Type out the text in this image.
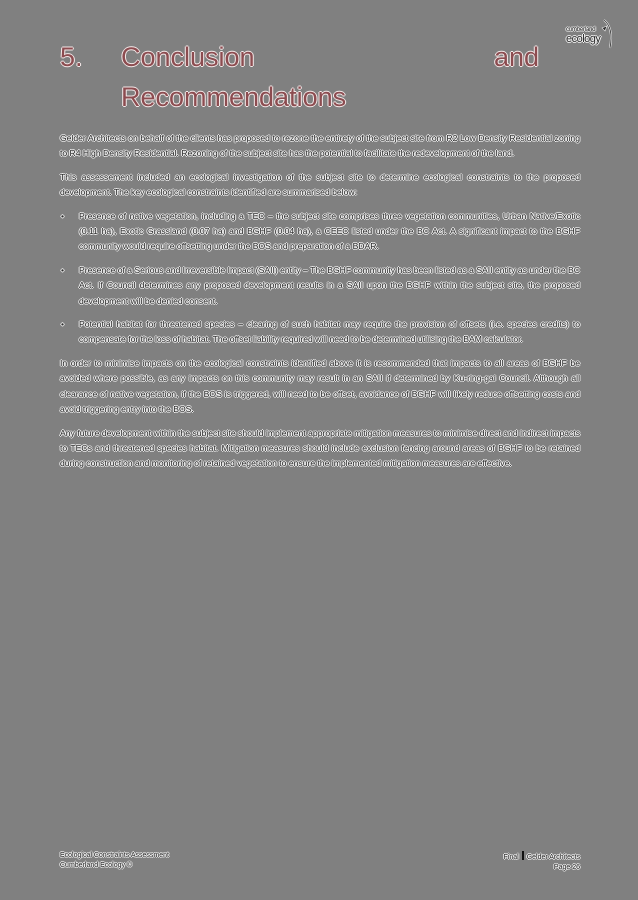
cumberland
ecology
5. Conclusion	and
Recommendations

Gelder Architects on behalf of the clients has proposed to rezone the entirety of the subject site from R2 Low Density Residential zoning to R4 High Density Residential. Rezoning of the subject site has the potential to facilitate the redevelopment of the land.

This assessement included an ecological investigation of the subject site to determine ecological constraints to the proposed development. The key ecological constraints identified are summarised below:

• Presence of native vegetation, including a TEC – the subject site comprises three vegetation communities, Urban Native/Exotic (0.11 ha), Exotic Grassland (0.07 ha) and BGHF (0.04 ha), a CEEC listed under the BC Act. A significant impact to the BGHF community would require offsetting under the BOS and preparation of a BDAR.
• Presence of a Serious and Irreversible Impact (SAII) entity – The BGHF community has been listed as a SAII entity as under the BC Act. If Council determines any proposed development results in a SAII upon the BGHF within the subject site, the proposed development will be denied consent.
• Potential habitat for threatened species – clearing of such habitat may require the provision of offsets (i.e. species credits) to compensate for the loss of habitat. The offset liability required will need to be determined utilising the BAM calculator.

In order to minimise impacts on the ecological constraints identified above it is recommended that impacts to all areas of BGHF be avoided where possible, as any impacts on this community may result in an SAII if determined by Ku-ring-gai Council. Although all clearance of native vegetation, if the BOS is triggered, will need to be offset, avoidance of BGHF will likely reduce offsetting costs and avoid triggering entry into the BOS.

Any future development within the subject site should implement appropriate mitigation measures to minimise direct and indirect impacts to TECs and threatened species habitat. Mitigation measures should include exclusion fencing around areas of BGHF to be retained during construction and monitoring of retained vegetation to ensure the implemented mitigation measures are effective.

Ecological Constraints Assessment
Cumberland Ecology ©
Final Gelder Architects
Page 26
